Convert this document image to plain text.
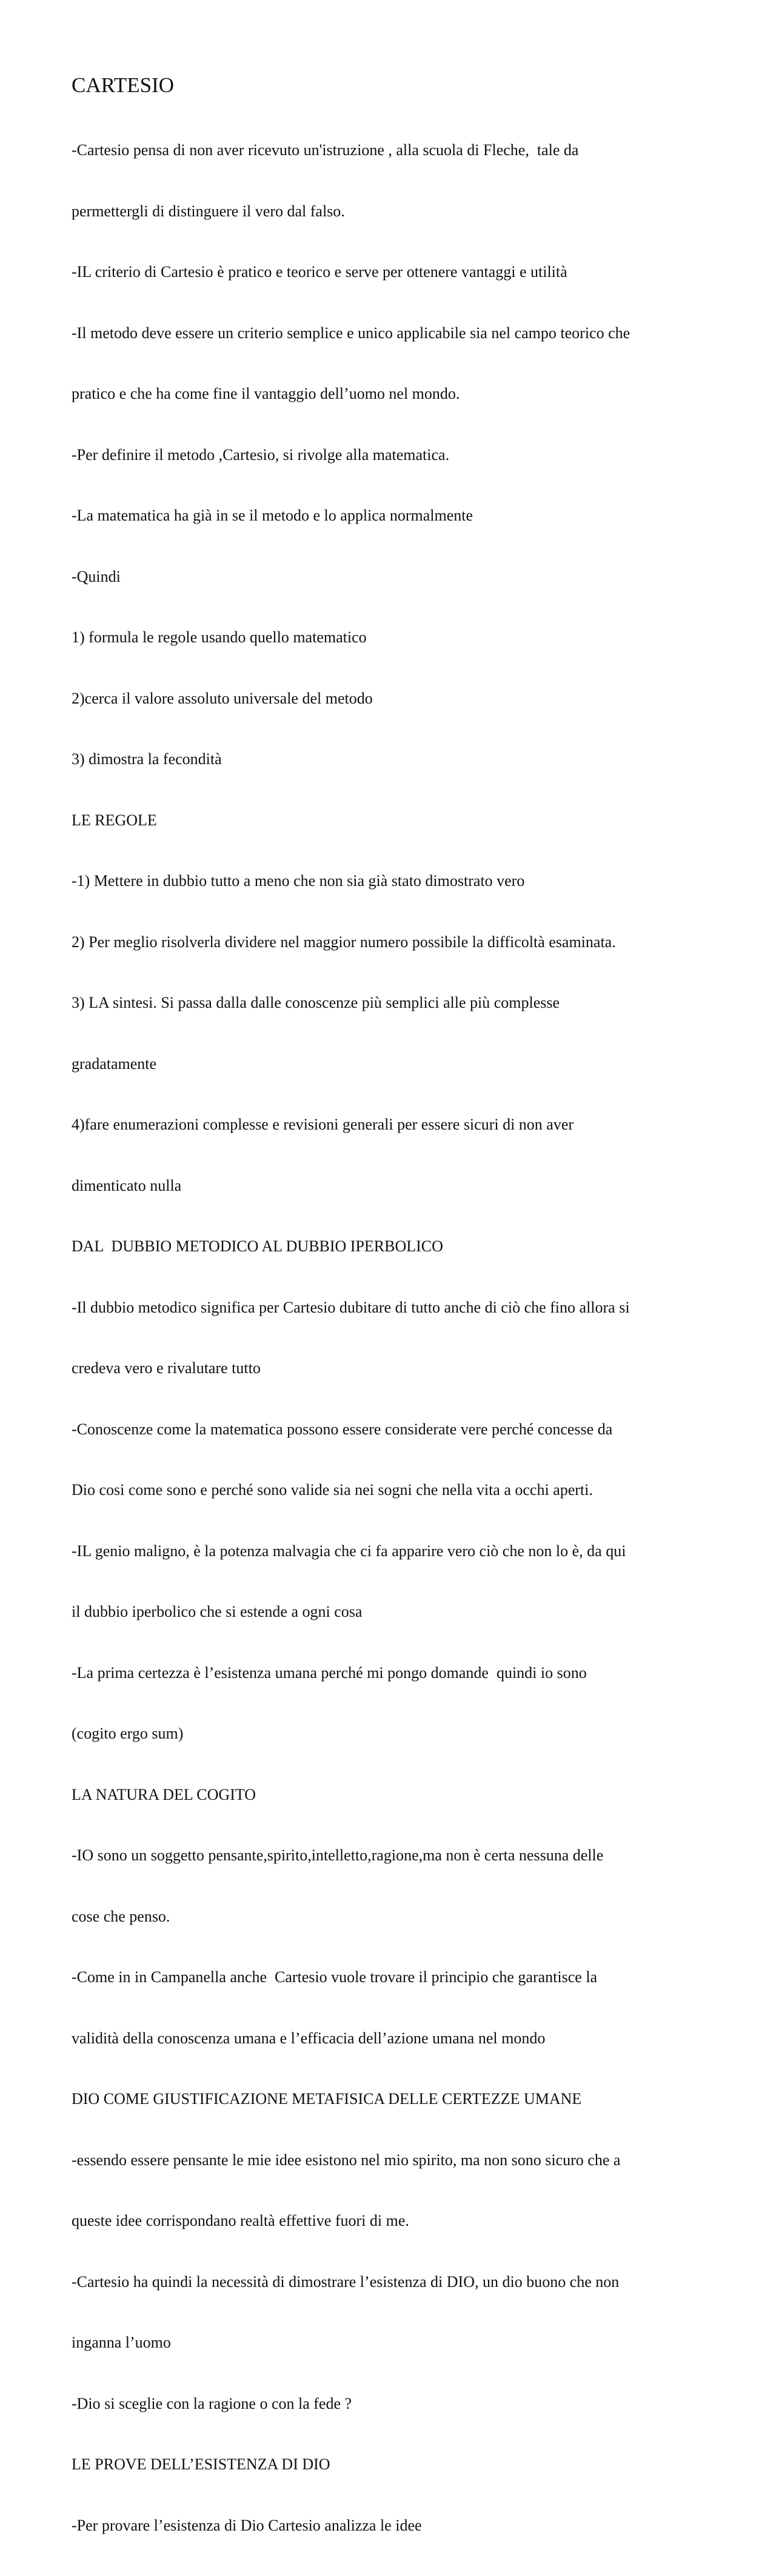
CARTESIO

-Cartesio pensa di non aver ricevuto un'istruzione , alla scuola di Fleche,  tale da

permettergli di distinguere il vero dal falso.

-IL criterio di Cartesio è pratico e teorico e serve per ottenere vantaggi e utilità

-Il metodo deve essere un criterio semplice e unico applicabile sia nel campo teorico che

pratico e che ha come fine il vantaggio dell’uomo nel mondo.

-Per definire il metodo ,Cartesio, si rivolge alla matematica.

-La matematica ha già in se il metodo e lo applica normalmente

-Quindi

1) formula le regole usando quello matematico

2)cerca il valore assoluto universale del metodo

3) dimostra la fecondità

LE REGOLE

-1) Mettere in dubbio tutto a meno che non sia già stato dimostrato vero

2) Per meglio risolverla dividere nel maggior numero possibile la difficoltà esaminata.

3) LA sintesi. Si passa dalla dalle conoscenze più semplici alle più complesse

gradatamente

4)fare enumerazioni complesse e revisioni generali per essere sicuri di non aver

dimenticato nulla

DAL  DUBBIO METODICO AL DUBBIO IPERBOLICO

-Il dubbio metodico significa per Cartesio dubitare di tutto anche di ciò che fino allora si

credeva vero e rivalutare tutto

-Conoscenze come la matematica possono essere considerate vere perché concesse da

Dio cosi come sono e perché sono valide sia nei sogni che nella vita a occhi aperti.

-IL genio maligno, è la potenza malvagia che ci fa apparire vero ciò che non lo è, da qui

il dubbio iperbolico che si estende a ogni cosa

-La prima certezza è l’esistenza umana perché mi pongo domande  quindi io sono

(cogito ergo sum)

LA NATURA DEL COGITO

-IO sono un soggetto pensante,spirito,intelletto,ragione,ma non è certa nessuna delle

cose che penso.

-Come in in Campanella anche  Cartesio vuole trovare il principio che garantisce la

validità della conoscenza umana e l’efficacia dell’azione umana nel mondo

DIO COME GIUSTIFICAZIONE METAFISICA DELLE CERTEZZE UMANE

-essendo essere pensante le mie idee esistono nel mio spirito, ma non sono sicuro che a

queste idee corrispondano realtà effettive fuori di me.

-Cartesio ha quindi la necessità di dimostrare l’esistenza di DIO, un dio buono che non

inganna l’uomo

-Dio si sceglie con la ragione o con la fede ?

LE PROVE DELL’ESISTENZA DI DIO

-Per provare l’esistenza di Dio Cartesio analizza le idee
